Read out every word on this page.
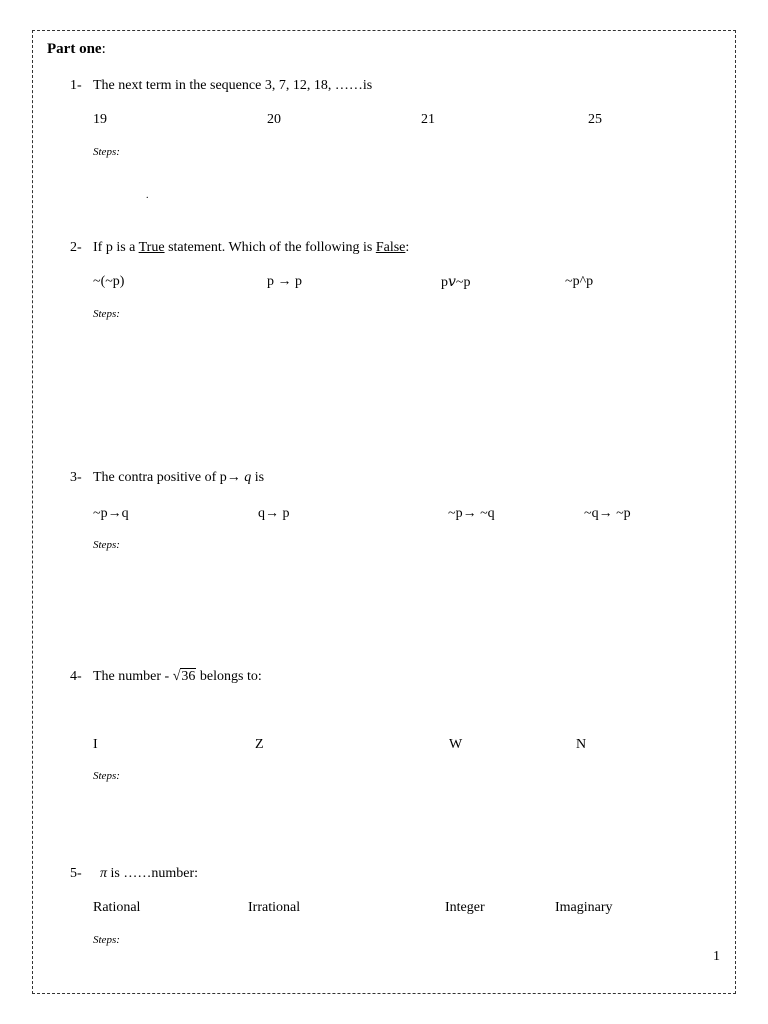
Part one:
1- The next term in the sequence 3, 7, 12, 18, ……is
19	20	21	25
Steps:
.
2- If p is a True statement. Which of the following is False:
~(~p)	p → p	p𝑣~p	~p^p
Steps:
3- The contra positive of p→ q is
~p→q	q→ p	~p→ ~q	~q→ ~p
Steps:
4- The number - √36 belongs to:
I	Z	W	N
Steps:
5- π is ……number:
Rational	Irrational	Integer	Imaginary
Steps:
1
